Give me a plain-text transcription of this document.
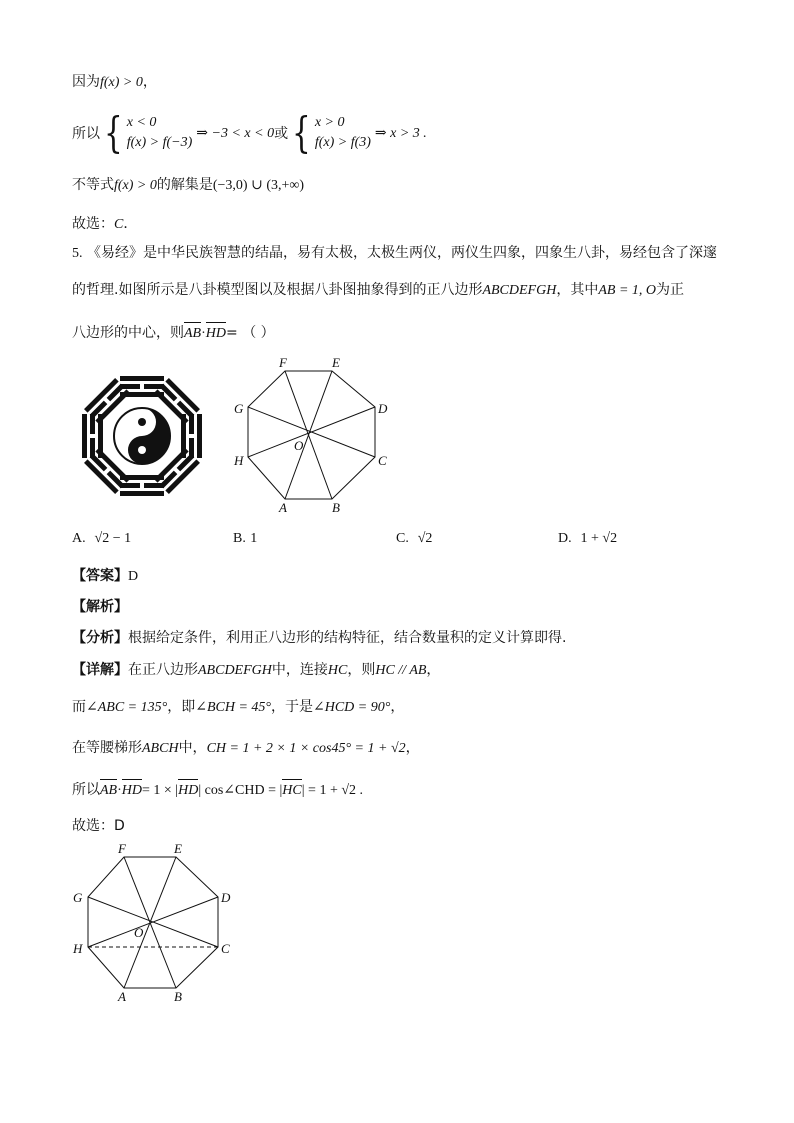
因为f(x) > 0，
所以 { x < 0
f(x) > f(−3)
⇒ −3 < x < 0 或 { x > 0
f(x) > f(3)
⇒ x > 3 .
不等式f(x) > 0的解集是(−3,0) ∪ (3,+∞)
故选：C．
5. 《易经》是中华民族智慧的结晶，易有太极，太极生两仪，两仪生四象，四象生八卦，易经包含了深邃
的哲理.如图所示是八卦模型图以及根据八卦图抽象得到的正八边形ABCDEFGH，其中AB = 1, O为正
八边形的中心，则AB·HD= （ ）
A	B
C
D
E
F
G
H
O
A. √2 − 1	B. 1	C. √2	D. 1 + √2
【答案】D
【解析】
【分析】根据给定条件，利用正八边形的结构特征，结合数量积的定义计算即得.
【详解】在正八边形ABCDEFGH中，连接HC，则HC // AB，
而∠ABC = 135°，即∠BCH = 45°，于是∠HCD = 90°，
在等腰梯形ABCH中，CH = 1 + 2 × 1 × cos45° = 1 + √2，
所以AB·HD= 1 × |HD| cos∠CHD = |HC| = 1 + √2 .
故选：D
A	B
C
D
E
F
G
H
O
